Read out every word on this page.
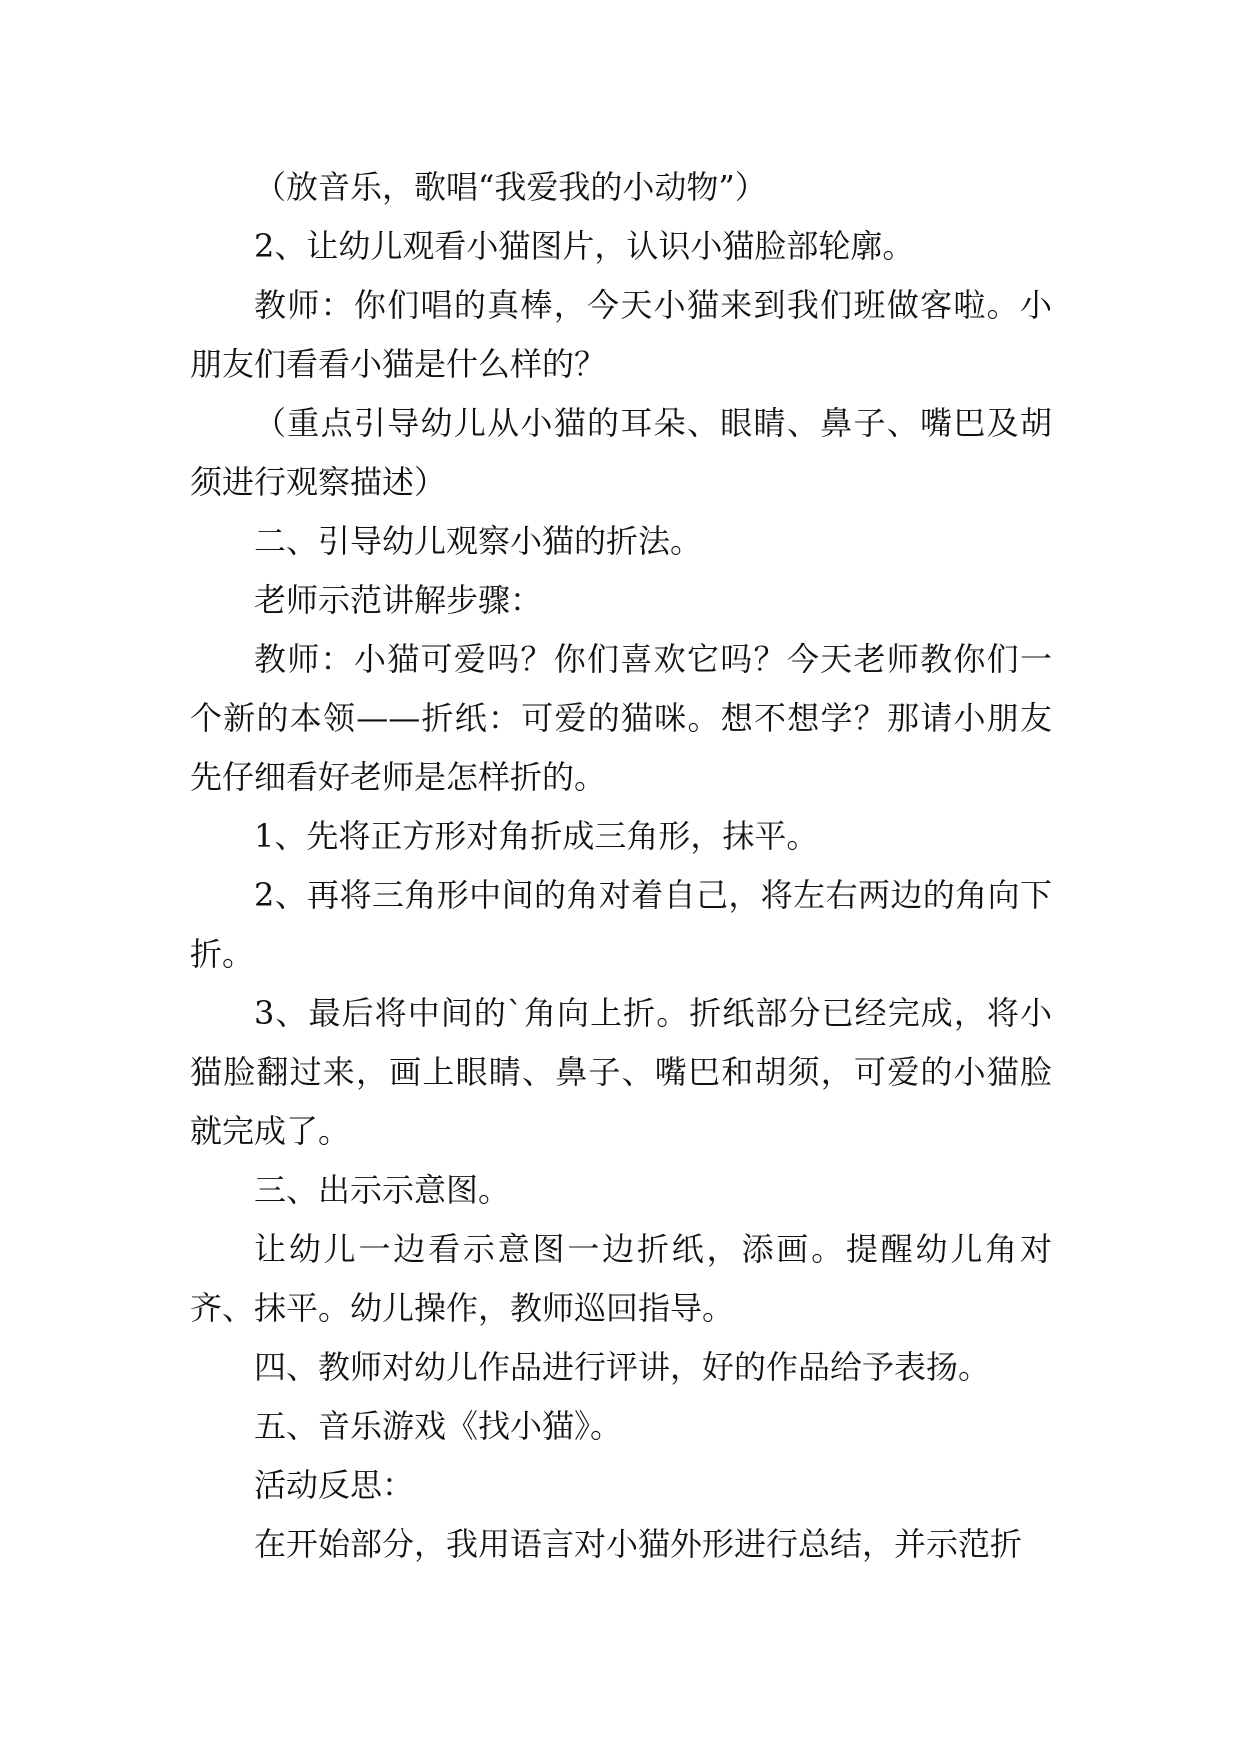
（放音乐，歌唱“我爱我的小动物”）

2、让幼儿观看小猫图片，认识小猫脸部轮廓。

教师：你们唱的真棒，今天小猫来到我们班做客啦。小朋友们看看小猫是什么样的？

（重点引导幼儿从小猫的耳朵、眼睛、鼻子、嘴巴及胡须进行观察描述）

二、引导幼儿观察小猫的折法。

老师示范讲解步骤：

教师：小猫可爱吗？你们喜欢它吗？今天老师教你们一个新的本领——折纸：可爱的猫咪。想不想学？那请小朋友先仔细看好老师是怎样折的。

1、先将正方形对角折成三角形，抹平。

2、再将三角形中间的角对着自己，将左右两边的角向下折。

3、最后将中间的`角向上折。折纸部分已经完成，将小猫脸翻过来，画上眼睛、鼻子、嘴巴和胡须，可爱的小猫脸就完成了。

三、出示示意图。

让幼儿一边看示意图一边折纸，添画。提醒幼儿角对齐、抹平。幼儿操作，教师巡回指导。

四、教师对幼儿作品进行评讲，好的作品给予表扬。

五、音乐游戏《找小猫》。

活动反思：

在开始部分，我用语言对小猫外形进行总结，并示范折
